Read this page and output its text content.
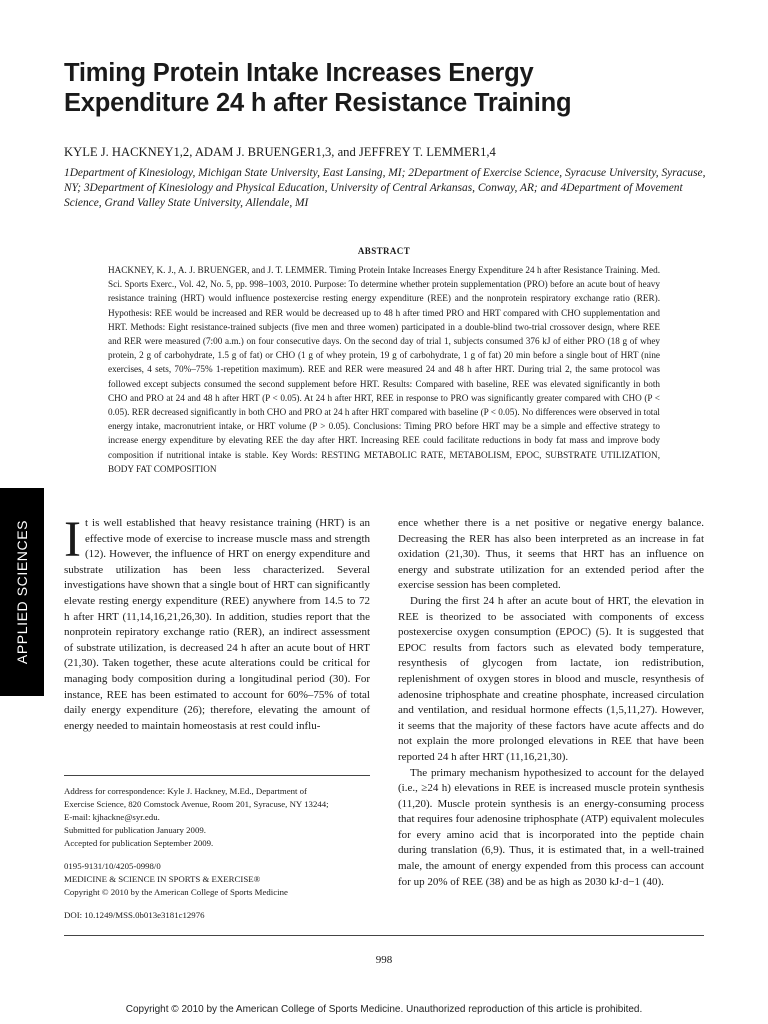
Timing Protein Intake Increases Energy
Expenditure 24 h after Resistance Training
KYLE J. HACKNEY1,2, ADAM J. BRUENGER1,3, and JEFFREY T. LEMMER1,4
1Department of Kinesiology, Michigan State University, East Lansing, MI; 2Department of Exercise Science, Syracuse University, Syracuse, NY; 3Department of Kinesiology and Physical Education, University of Central Arkansas, Conway, AR; and 4Department of Movement Science, Grand Valley State University, Allendale, MI
ABSTRACT
HACKNEY, K. J., A. J. BRUENGER, and J. T. LEMMER. Timing Protein Intake Increases Energy Expenditure 24 h after Resistance Training. Med. Sci. Sports Exerc., Vol. 42, No. 5, pp. 998–1003, 2010. Purpose: To determine whether protein supplementation (PRO) before an acute bout of heavy resistance training (HRT) would influence postexercise resting energy expenditure (REE) and the nonprotein respiratory exchange ratio (RER). Hypothesis: REE would be increased and RER would be decreased up to 48 h after timed PRO and HRT compared with CHO supplementation and HRT. Methods: Eight resistance-trained subjects (five men and three women) participated in a double-blind two-trial crossover design, where REE and RER were measured (7:00 a.m.) on four consecutive days. On the second day of trial 1, subjects consumed 376 kJ of either PRO (18 g of whey protein, 2 g of carbohydrate, 1.5 g of fat) or CHO (1 g of whey protein, 19 g of carbohydrate, 1 g of fat) 20 min before a single bout of HRT (nine exercises, 4 sets, 70%–75% 1-repetition maximum). REE and RER were measured 24 and 48 h after HRT. During trial 2, the same protocol was followed except subjects consumed the second supplement before HRT. Results: Compared with baseline, REE was elevated significantly in both CHO and PRO at 24 and 48 h after HRT (P < 0.05). At 24 h after HRT, REE in response to PRO was significantly greater compared with CHO (P < 0.05). RER decreased significantly in both CHO and PRO at 24 h after HRT compared with baseline (P < 0.05). No differences were observed in total energy intake, macronutrient intake, or HRT volume (P > 0.05). Conclusions: Timing PRO before HRT may be a simple and effective strategy to increase energy expenditure by elevating REE the day after HRT. Increasing REE could facilitate reductions in body fat mass and improve body composition if nutritional intake is stable. Key Words: RESTING METABOLIC RATE, METABOLISM, EPOC, SUBSTRATE UTILIZATION, BODY FAT COMPOSITION
APPLIED SCIENCES I t is well established that heavy resistance training (HRT) is an effective mode of exercise to increase muscle mass and strength (12). However, the influence of HRT on energy expenditure and substrate utilization has been less characterized. Several investigations have shown that a single bout of HRT can significantly elevate resting energy expenditure (REE) anywhere from 14.5 to 72 h after HRT (11,14,16,21,26,30). In addition, studies report that the nonprotein repiratory exchange ratio (RER), an indirect assessment of substrate utilization, is decreased 24 h after an acute bout of HRT (21,30). Taken together, these acute alterations could be critical for managing body composition during a longitudinal period (30). For instance, REE has been estimated to account for 60%–75% of total daily energy expenditure (26); therefore, elevating the amount of energy needed to maintain homeostasis at rest could influ-

ence whether there is a net positive or negative energy balance. Decreasing the RER has also been interpreted as an increase in fat oxidation (21,30). Thus, it seems that HRT has an influence on energy and substrate utilization for an extended period after the exercise session has been completed.

During the first 24 h after an acute bout of HRT, the elevation in REE is theorized to be associated with components of excess postexercise oxygen consumption (EPOC) (5). It is suggested that EPOC results from factors such as elevated body temperature, resynthesis of glycogen from lactate, ion redistribution, replenishment of oxygen stores in blood and muscle, resynthesis of adenosine triphosphate and creatine phosphate, increased circulation and ventilation, and residual hormone effects (1,5,11,27). However, it seems that the majority of these factors have acute affects and do not explain the more prolonged elevations in REE that have been reported 24 h after HRT (11,16,21,30).

The primary mechanism hypothesized to account for the delayed (i.e., ≥24 h) elevations in REE is increased muscle protein synthesis (11,20). Muscle protein synthesis is an energy-consuming process that requires four adenosine triphosphate (ATP) equivalent molecules for every amino acid that is incorporated into the peptide chain during translation (6,9). Thus, it is estimated that, in a well-trained male, the amount of energy expended from this process can account for up 20% of REE (38) and be as high as 2030 kJ·d−1 (40).

Address for correspondence: Kyle J. Hackney, M.Ed., Department of
Exercise Science, 820 Comstock Avenue, Room 201, Syracuse, NY 13244;
E-mail: kjhackne@syr.edu.
Submitted for publication January 2009.
Accepted for publication September 2009.
0195-9131/10/4205-0998/0
MEDICINE & SCIENCE IN SPORTS & EXERCISE®
Copyright © 2010 by the American College of Sports Medicine
DOI: 10.1249/MSS.0b013e3181c12976
998
Copyright © 2010 by the American College of Sports Medicine. Unauthorized reproduction of this article is prohibited.
